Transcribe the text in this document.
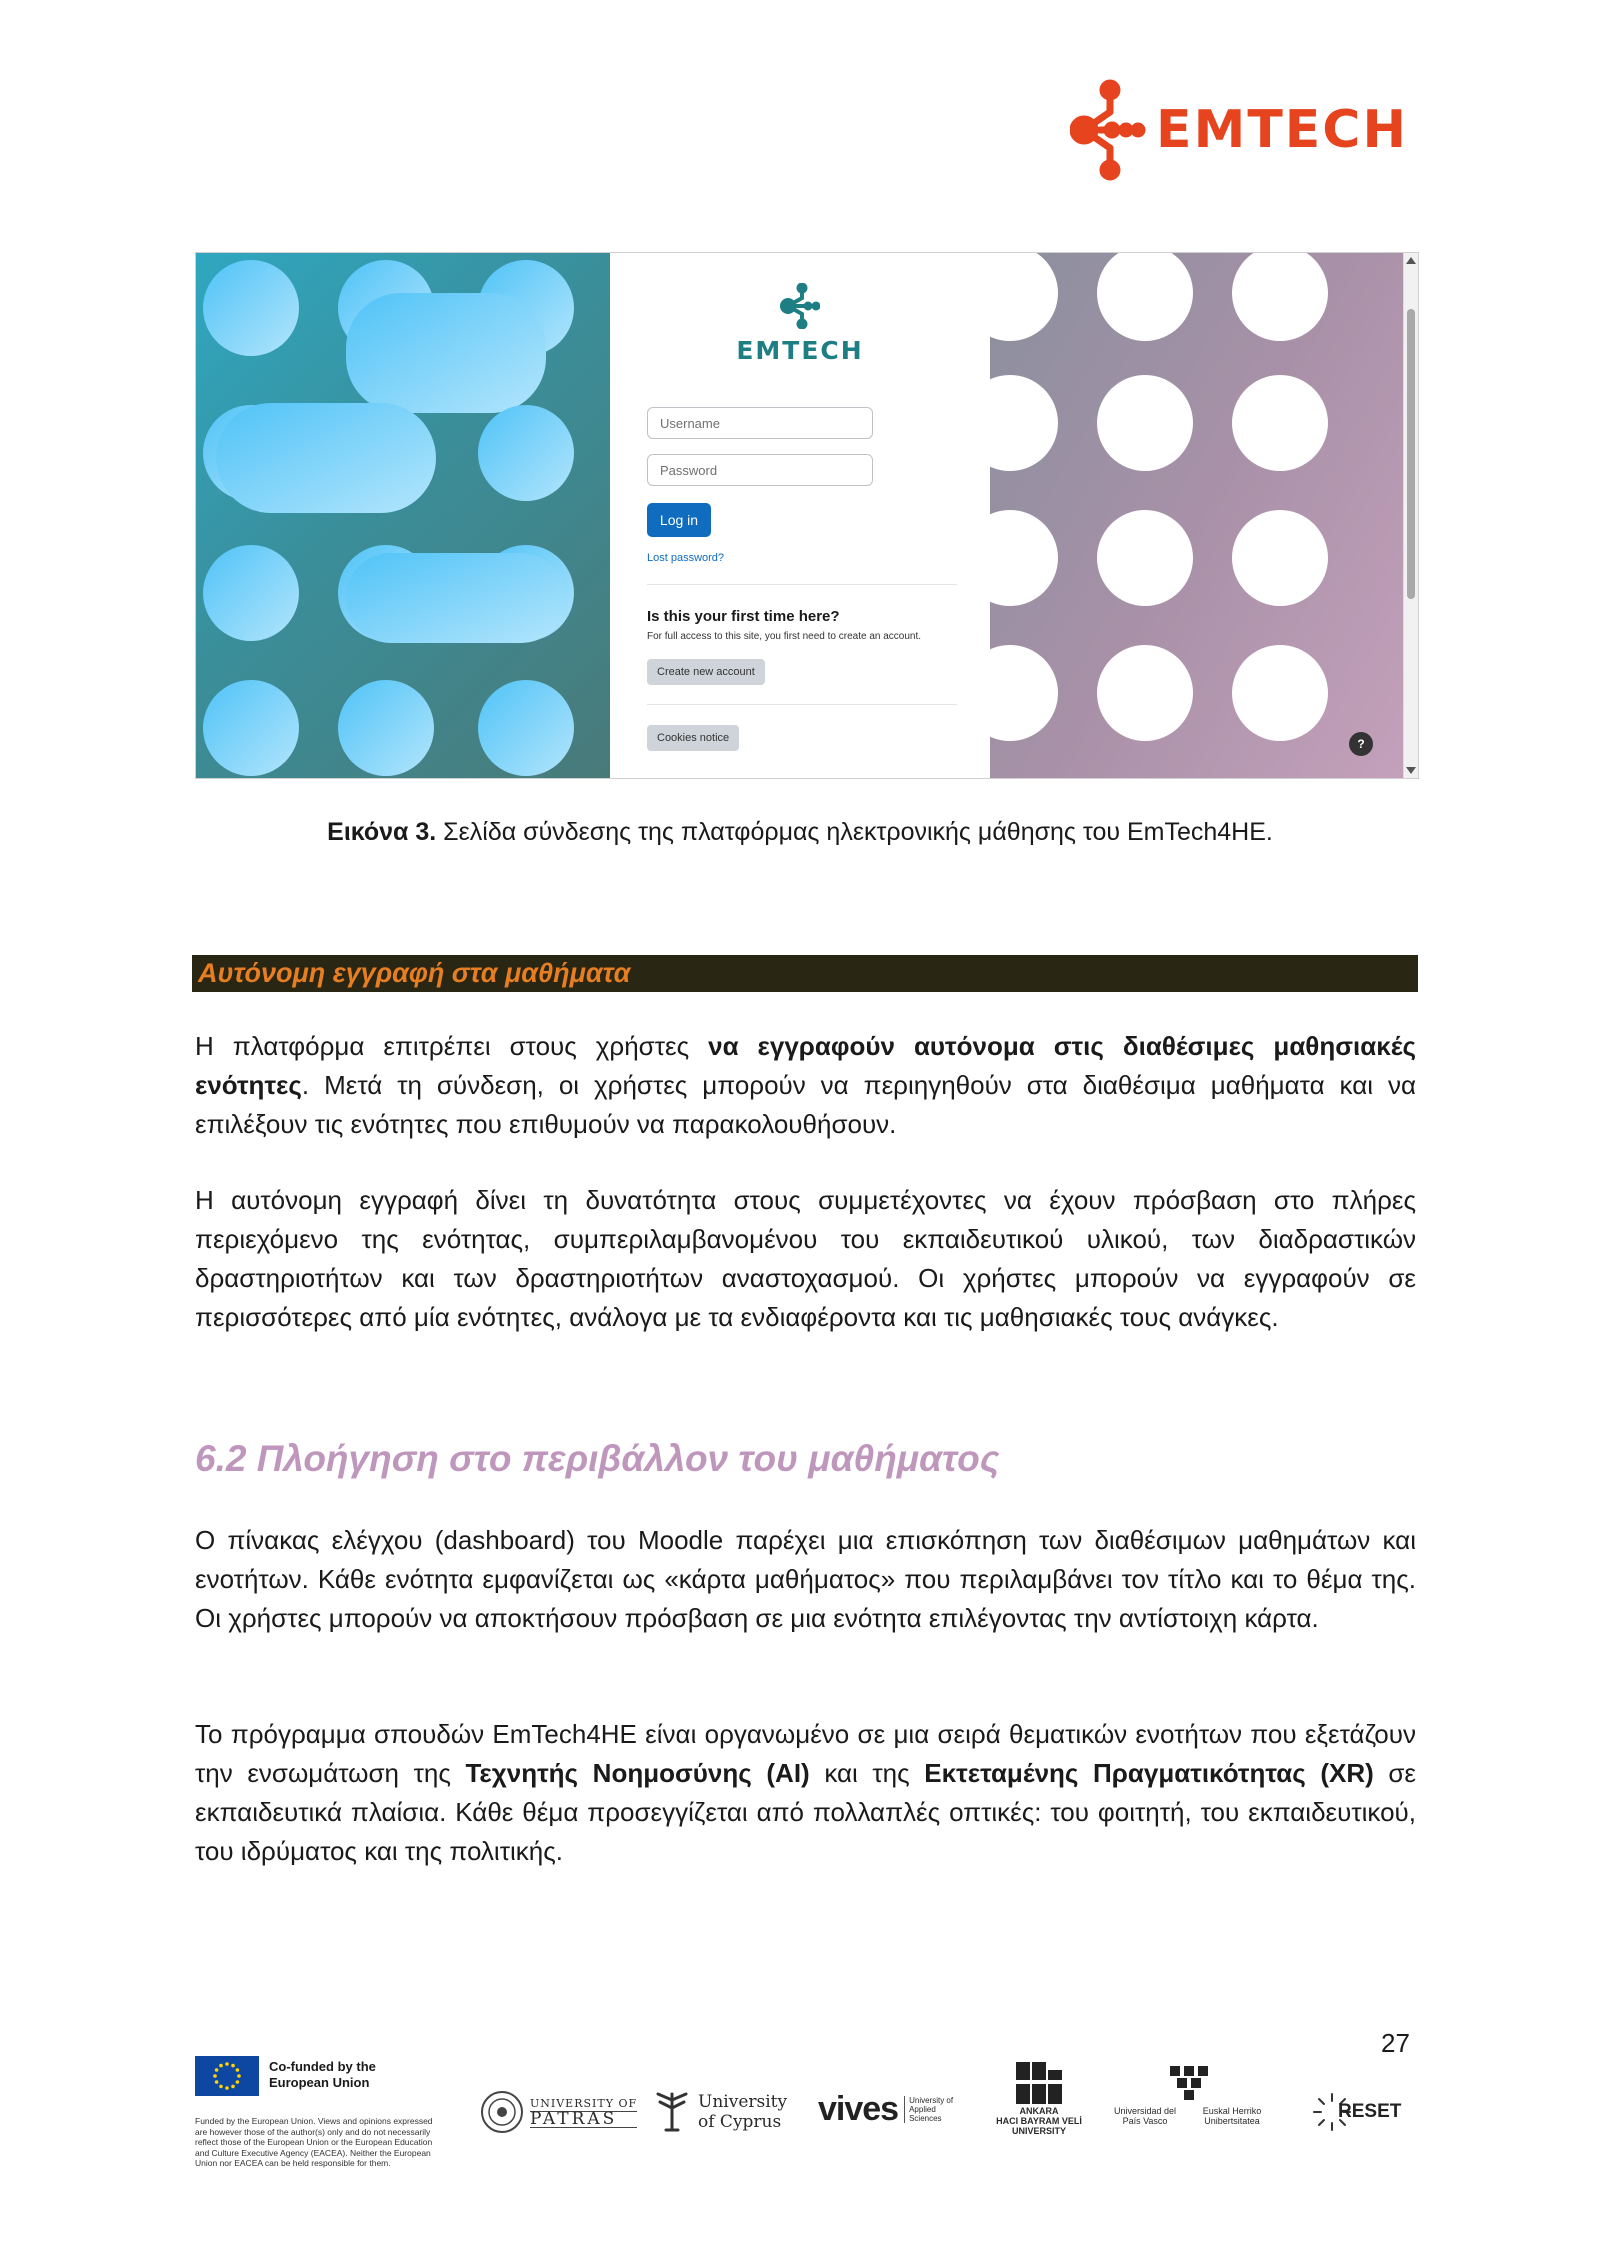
EMTECH
EMTECH
Username
Password
Log in
Lost password?
Is this your first time here?
For full access to this site, you first need to create an account.
Create new account
Cookies notice	?
Εικόνα 3. Σελίδα σύνδεσης της πλατφόρμας ηλεκτρονικής μάθησης του EmTech4HE.
Αυτόνομη εγγραφή στα μαθήματα
Η πλατφόρμα επιτρέπει στους χρήστες να εγγραφούν αυτόνομα στις διαθέσιμες μαθησιακές ενότητες. Μετά τη σύνδεση, οι χρήστες μπορούν να περιηγηθούν στα διαθέσιμα μαθήματα και να επιλέξουν τις ενότητες που επιθυμούν να παρακολουθήσουν.
Η αυτόνομη εγγραφή δίνει τη δυνατότητα στους συμμετέχοντες να έχουν πρόσβαση στο πλήρες περιεχόμενο της ενότητας, συμπεριλαμβανομένου του εκπαιδευτικού υλικού, των διαδραστικών δραστηριοτήτων και των δραστηριοτήτων αναστοχασμού. Οι χρήστες μπορούν να εγγραφούν σε περισσότερες από μία ενότητες, ανάλογα με τα ενδιαφέροντα και τις μαθησιακές τους ανάγκες.
6.2 Πλοήγηση στο περιβάλλον του μαθήματος
Ο πίνακας ελέγχου (dashboard) του Moodle παρέχει μια επισκόπηση των διαθέσιμων μαθημάτων και ενοτήτων. Κάθε ενότητα εμφανίζεται ως «κάρτα μαθήματος» που περιλαμβάνει τον τίτλο και το θέμα της. Οι χρήστες μπορούν να αποκτήσουν πρόσβαση σε μια ενότητα επιλέγοντας την αντίστοιχη κάρτα.
Το πρόγραμμα σπουδών EmTech4HE είναι οργανωμένο σε μια σειρά θεματικών ενοτήτων που εξετάζουν την ενσωμάτωση της Τεχνητής Νοημοσύνης (AI) και της Εκτεταμένης Πραγματικότητας (XR) σε εκπαιδευτικά πλαίσια. Κάθε θέμα προσεγγίζεται από πολλαπλές οπτικές: του φοιτητή, του εκπαιδευτικού, του ιδρύματος και της πολιτικής.
27
Co-funded by the European Union
Funded by the European Union. Views and opinions expressed are however those of the author(s) only and do not necessarily reflect those of the European Union or the European Education and Culture Executive Agency (EACEA). Neither the European Union nor EACEA can be held responsible for them.
UNIVERSITY OF
PATRAS
University
of Cyprus vives	University of Applied Sciences
ANKARA
HACI BAYRAM VELİ
UNIVERSITY
Universidad del País Vasco
Euskal Herriko Unibertsitatea	RESET
